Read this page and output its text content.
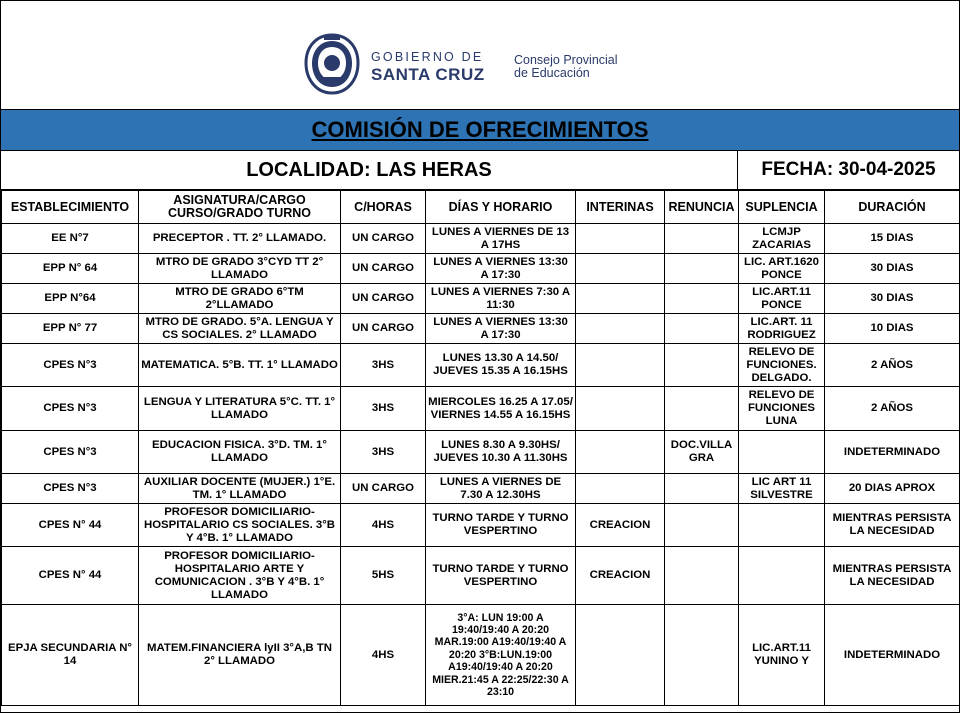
GOBIERNO DE
SANTA CRUZ
Consejo Provincial
de Educación
COMISIÓN DE OFRECIMIENTOS
LOCALIDAD: LAS HERAS	FECHA: 30-04-2025
ESTABLECIMIENTO	ASIGNATURA/CARGO CURSO/GRADO TURNO	C/HORAS	DÍAS Y HORARIO	INTERINAS	RENUNCIA	SUPLENCIA	DURACIÓN
EE N°7	PRECEPTOR . TT. 2° LLAMADO.	UN CARGO	LUNES A VIERNES DE 13 A 17HS			LCMJP ZACARIAS	15 DIAS
EPP N° 64	MTRO DE GRADO 3°CYD TT 2° LLAMADO	UN CARGO	LUNES A VIERNES 13:30 A 17:30			LIC. ART.1620 PONCE	30 DIAS
EPP N°64	MTRO DE GRADO 6°TM 2°LLAMADO	UN CARGO	LUNES A VIERNES 7:30 A 11:30			LIC.ART.11 PONCE	30 DIAS
EPP N° 77	MTRO DE GRADO. 5°A. LENGUA Y CS SOCIALES. 2° LLAMADO	UN CARGO	LUNES A VIERNES 13:30 A 17:30			LIC.ART. 11 RODRIGUEZ	10 DIAS
CPES N°3	MATEMATICA. 5°B. TT. 1° LLAMADO	3HS	LUNES 13.30 A 14.50/ JUEVES 15.35 A 16.15HS			RELEVO DE FUNCIONES. DELGADO.	2 AÑOS
CPES N°3	LENGUA Y LITERATURA 5°C. TT. 1° LLAMADO	3HS	MIERCOLES 16.25 A 17.05/ VIERNES 14.55 A 16.15HS			RELEVO DE FUNCIONES LUNA	2 AÑOS
CPES N°3	EDUCACION FISICA. 3°D. TM. 1° LLAMADO	3HS	LUNES 8.30 A 9.30HS/ JUEVES 10.30 A 11.30HS		DOC.VILLA GRA		INDETERMINADO
CPES N°3	AUXILIAR DOCENTE (MUJER.) 1°E. TM. 1° LLAMADO	UN CARGO	LUNES A VIERNES DE 7.30 A 12.30HS			LIC ART 11 SILVESTRE	20 DIAS APROX
CPES N° 44	PROFESOR DOMICILIARIO-HOSPITALARIO CS SOCIALES. 3°B Y 4°B. 1° LLAMADO	4HS	TURNO TARDE Y TURNO VESPERTINO	CREACION			MIENTRAS PERSISTA LA NECESIDAD
CPES N° 44	PROFESOR DOMICILIARIO-HOSPITALARIO ARTE Y COMUNICACION . 3°B Y 4°B. 1° LLAMADO	5HS	TURNO TARDE Y TURNO VESPERTINO	CREACION			MIENTRAS PERSISTA LA NECESIDAD
EPJA SECUNDARIA N° 14	MATEM.FINANCIERA lyII 3°A,B TN 2° LLAMADO	4HS	3°A: LUN 19:00 A 19:40/19:40 A 20:20 MAR.19:00 A19:40/19:40 A 20:20 3°B:LUN.19:00 A19:40/19:40 A 20:20 MIER.21:45 A 22:25/22:30 A 23:10			LIC.ART.11 YUNINO Y	INDETERMINADO
